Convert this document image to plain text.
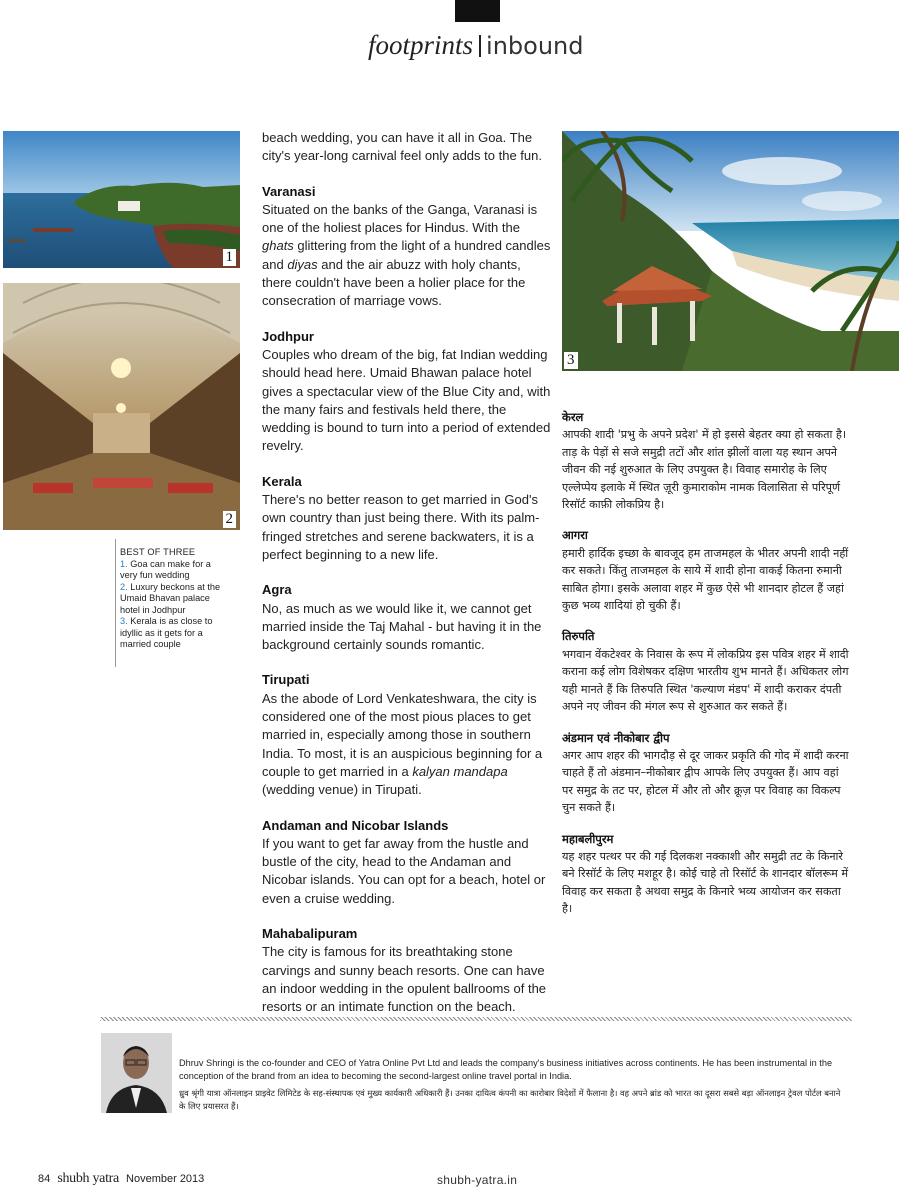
footprints inbound
1
2
BEST OF THREE
1. Goa can make for a very fun wedding
2. Luxury beckons at the Umaid Bhavan palace hotel in Jodhpur
3. Kerala is as close to idyllic as it gets for a married couple

beach wedding, you can have it all in Goa. The city's year-long carnival feel only adds to the fun.

Varanasi

Situated on the banks of the Ganga, Varanasi is one of the holiest places for Hindus. With the ghats glittering from the light of a hundred candles and diyas and the air abuzz with holy chants, there couldn't have been a holier place for the consecration of marriage vows.

Jodhpur

Couples who dream of the big, fat Indian wedding should head here. Umaid Bhawan palace hotel gives a spectacular view of the Blue City and, with the many fairs and festivals held there, the wedding is bound to turn into a period of extended revelry.

Kerala

There's no better reason to get married in God's own country than just being there. With its palm-fringed stretches and serene backwaters, it is a perfect beginning to a new life.

Agra

No, as much as we would like it, we cannot get married inside the Taj Mahal - but having it in the background certainly sounds romantic.

Tirupati

As the abode of Lord Venkateshwara, the city is considered one of the most pious places to get married in, especially among those in southern India. To most, it is an auspicious beginning for a couple to get married in a kalyan mandapa (wedding venue) in Tirupati.

Andaman and Nicobar Islands

If you want to get far away from the hustle and bustle of the city, head to the Andaman and Nicobar islands. You can opt for a beach, hotel or even a cruise wedding.

Mahabalipuram

The city is famous for its breathtaking stone carvings and sunny beach resorts. One can have an indoor wedding in the opulent ballrooms of the resorts or an intimate function on the beach.

3
केरल

आपकी शादी 'प्रभु के अपने प्रदेश' में हो इससे बेहतर क्या हो सकता है। ताड़ के पेड़ों से सजे समुद्री तटों और शांत झीलों वाला यह स्थान अपने जीवन की नई शुरुआत के लिए उपयुक्त है। विवाह समारोह के लिए एल्लेप्पेय इलाके में स्थित ज़ूरी कुमाराकोम नामक विलासिता से परिपूर्ण रिसॉर्ट काफ़ी लोकप्रिय है।

आगरा

हमारी हार्दिक इच्छा के बावजूद हम ताजमहल के भीतर अपनी शादी नहीं कर सकते। किंतु ताजमहल के साये में शादी होना वाकई कितना रुमानी साबित होगा। इसके अलावा शहर में कुछ ऐसे भी शानदार होटल हैं जहां कुछ भव्य शादियां हो चुकी हैं।

तिरुपति

भगवान वेंकटेश्वर के निवास के रूप में लोकप्रिय इस पवित्र शहर में शादी कराना कई लोग विशेषकर दक्षिण भारतीय शुभ मानते हैं। अधिकतर लोग यही मानते हैं कि तिरुपति स्थित 'कल्याण मंडप' में शादी कराकर दंपती अपने नए जीवन की मंगल रूप से शुरुआत कर सकते हैं।

अंडमान एवं नीकोबार द्वीप

अगर आप शहर की भागदौड़ से दूर जाकर प्रकृति की गोद में शादी करना चाहते हैं तो अंडमान–नीकोबार द्वीप आपके लिए उपयुक्त हैं। आप वहां पर समुद्र के तट पर, होटल में और तो और क्रूज़ पर विवाह का विकल्प चुन सकते हैं।

महाबलीपुरम

यह शहर पत्थर पर की गई दिलकश नक्काशी और समुद्री तट के किनारे बने रिसॉर्ट के लिए मशहूर है। कोई चाहे तो रिसॉर्ट के शानदार बॉलरूम में विवाह कर सकता है अथवा समुद्र के किनारे भव्य आयोजन कर सकता है।

Dhruv Shringi is the co-founder and CEO of Yatra Online Pvt Ltd and leads the company's business initiatives across continents. He has been instrumental in the conception of the brand from an idea to becoming the second-largest online travel portal in India.
ध्रुव श्रृंगी यात्रा ऑनलाइन प्राइवेट लिमिटेड के सह-संस्थापक एवं मुख्य कार्यकारी अधिकारी हैं। उनका दायित्व कंपनी का कारोबार विदेशों में फैलाना है। वह अपने ब्रांड को भारत का दूसरा सबसे बड़ा ऑनलाइन ट्रेवल पोर्टल बनाने के लिए प्रयासरत हैं।
84 shubh yatra November 2013	shubh-yatra.in
